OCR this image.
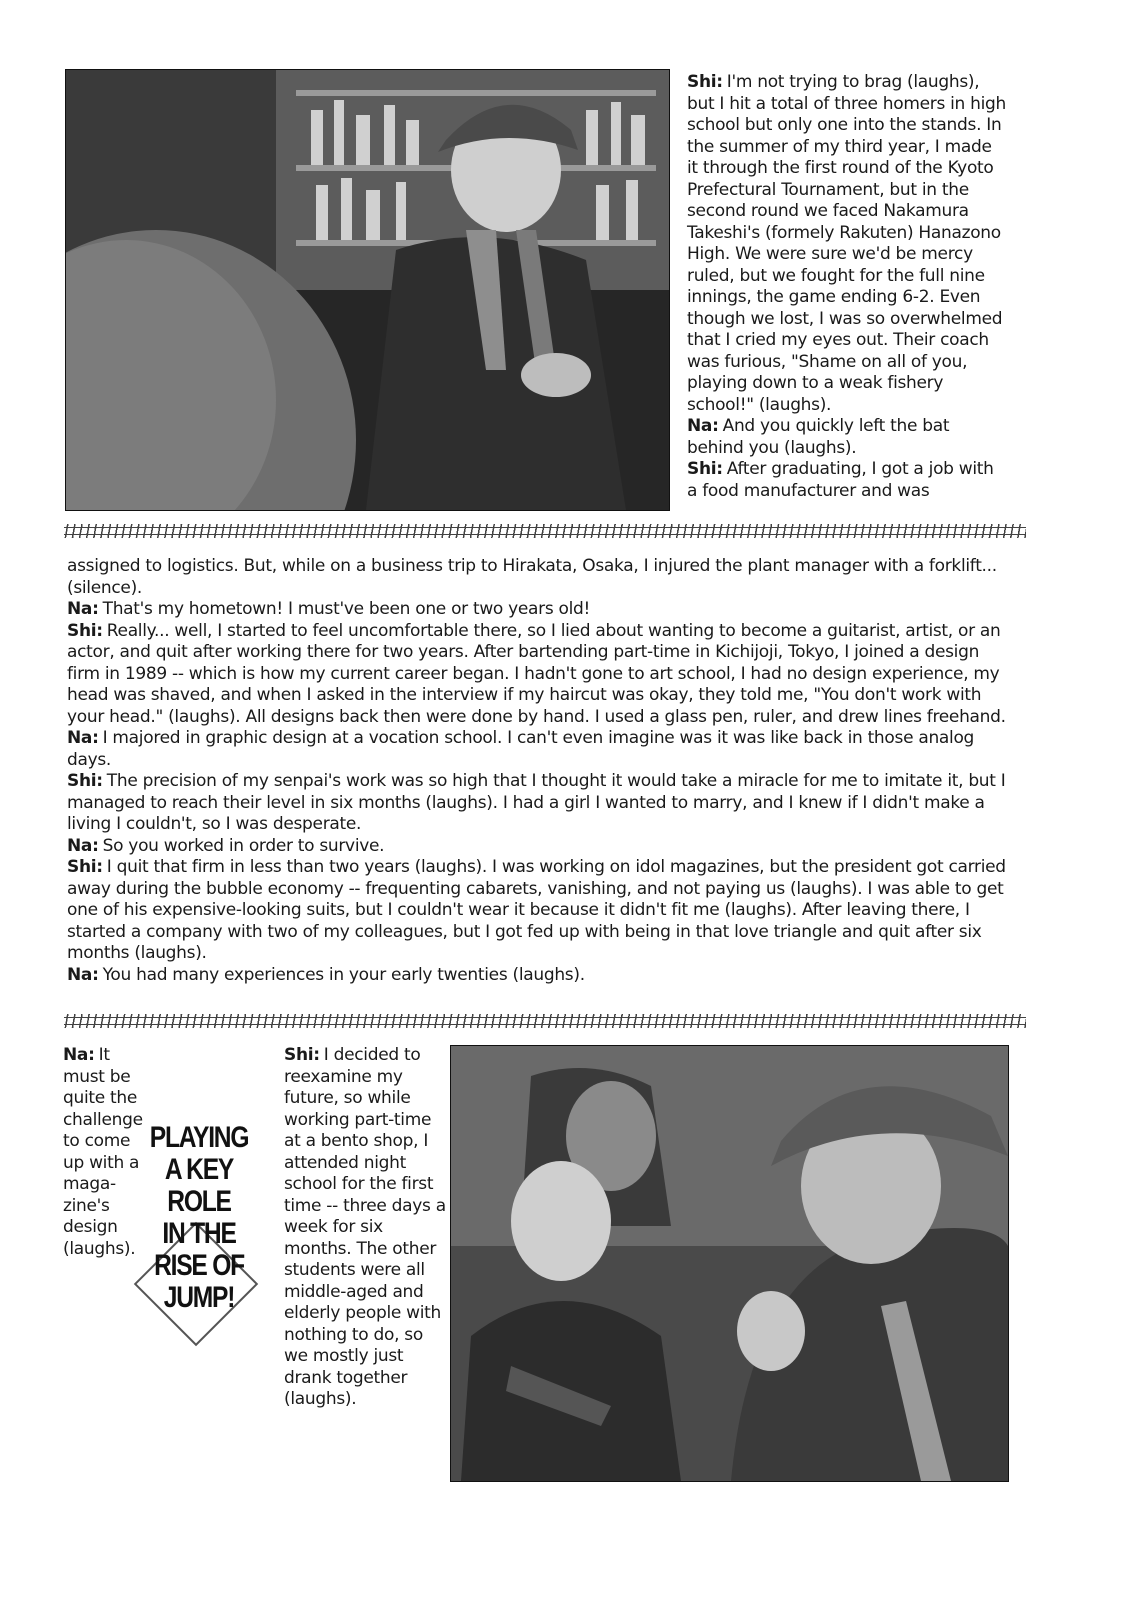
Shi: I'm not trying to brag (laughs), but I hit a total of three homers in high school but only one into the stands. In the summer of my third year, I made it through the first round of the Kyoto Prefectural Tournament, but in the second round we faced Nakamura Takeshi's (formely Rakuten) Hanazono High. We were sure we'd be mercy ruled, but we fought for the full nine innings, the game ending 6-2. Even though we lost, I was so overwhelmed that I cried my eyes out. Their coach was furious, "Shame on all of you, playing down to a weak fishery school!" (laughs).

Na: And you quickly left the bat behind you (laughs).

Shi: After graduating, I got a job with a food manufacturer and was

assigned to logistics. But, while on a business trip to Hirakata, Osaka, I injured the plant manager with a forklift... (silence).

Na: That's my hometown! I must've been one or two years old!

Shi: Really... well, I started to feel uncomfortable there, so I lied about wanting to become a guitarist, artist, or an actor, and quit after working there for two years. After bartending part-time in Kichijoji, Tokyo, I joined a design firm in 1989 -- which is how my current career began. I hadn't gone to art school, I had no design experience, my head was shaved, and when I asked in the interview if my haircut was okay, they told me, "You don't work with your head." (laughs). All designs back then were done by hand. I used a glass pen, ruler, and drew lines freehand.

Na: I majored in graphic design at a vocation school. I can't even imagine was it was like back in those analog days.

Shi: The precision of my senpai's work was so high that I thought it would take a miracle for me to imitate it, but I managed to reach their level in six months (laughs). I had a girl I wanted to marry, and I knew if I didn't make a living I couldn't, so I was desperate.

Na: So you worked in order to survive.

Shi: I quit that firm in less than two years (laughs). I was working on idol magazines, but the president got carried away during the bubble economy -- frequenting cabarets, vanishing, and not paying us (laughs). I was able to get one of his expensive-looking suits, but I couldn't wear it because it didn't fit me (laughs). After leaving there, I started a company with two of my colleagues, but I got fed up with being in that love triangle and quit after six months (laughs).

Na: You had many experiences in your early twenties (laughs).

Na: It must be quite the challenge to come up with a maga- zine's design (laughs).

PLAYING
A KEY ROLE
IN THE
RISE OF
JUMP!

Shi: I decided to reexamine my future, so while working part-time at a bento shop, I attended night school for the first time -- three days a week for six months. The other students were all middle-aged and elderly people with nothing to do, so we mostly just drank together (laughs).
